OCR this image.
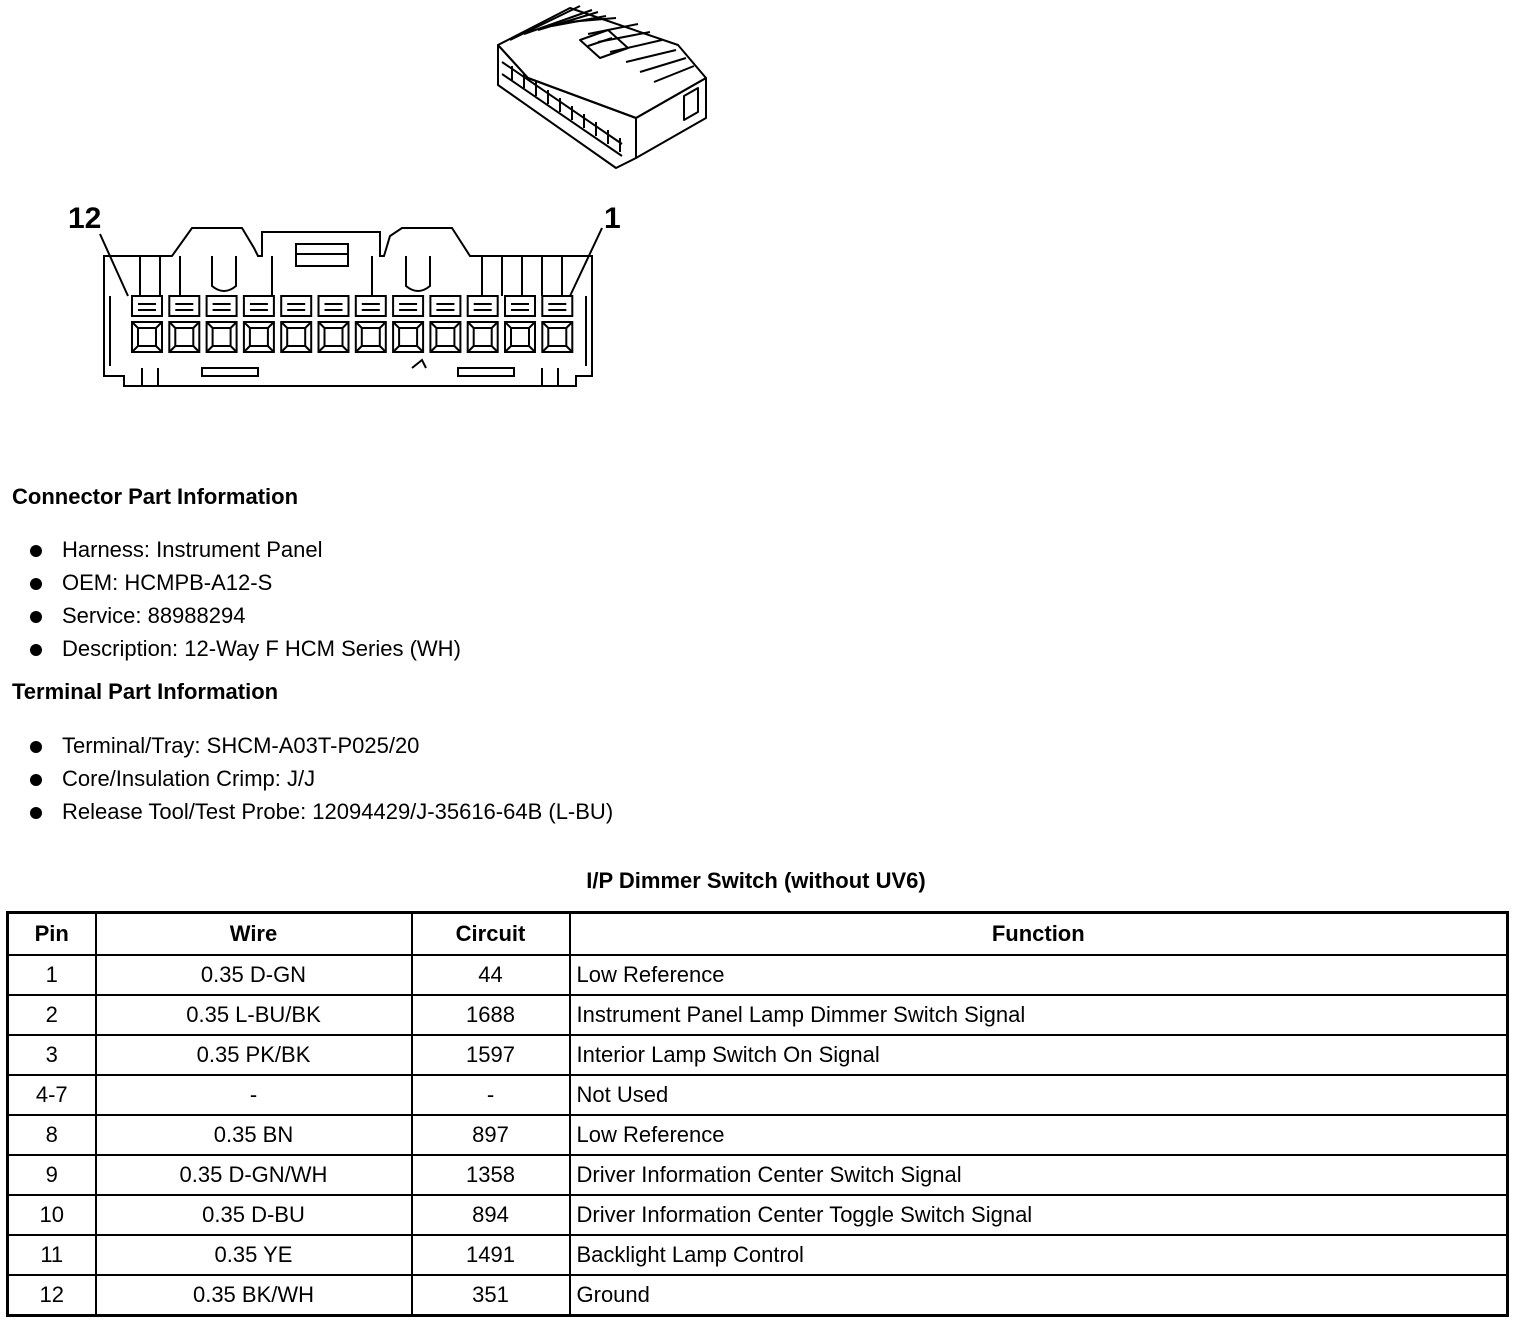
12	1
Connector Part Information
Harness: Instrument Panel
OEM: HCMPB-A12-S
Service: 88988294
Description: 12-Way F HCM Series (WH)
Terminal Part Information
Terminal/Tray: SHCM-A03T-P025/20
Core/Insulation Crimp: J/J
Release Tool/Test Probe: 12094429/J-35616-64B (L-BU)
I/P Dimmer Switch (without UV6)
Pin	Wire	Circuit	Function
1	0.35 D-GN	44	Low Reference
2	0.35 L-BU/BK	1688	Instrument Panel Lamp Dimmer Switch Signal
3	0.35 PK/BK	1597	Interior Lamp Switch On Signal
4-7	-	-	Not Used
8	0.35 BN	897	Low Reference
9	0.35 D-GN/WH	1358	Driver Information Center Switch Signal
10	0.35 D-BU	894	Driver Information Center Toggle Switch Signal
11	0.35 YE	1491	Backlight Lamp Control
12	0.35 BK/WH	351	Ground
